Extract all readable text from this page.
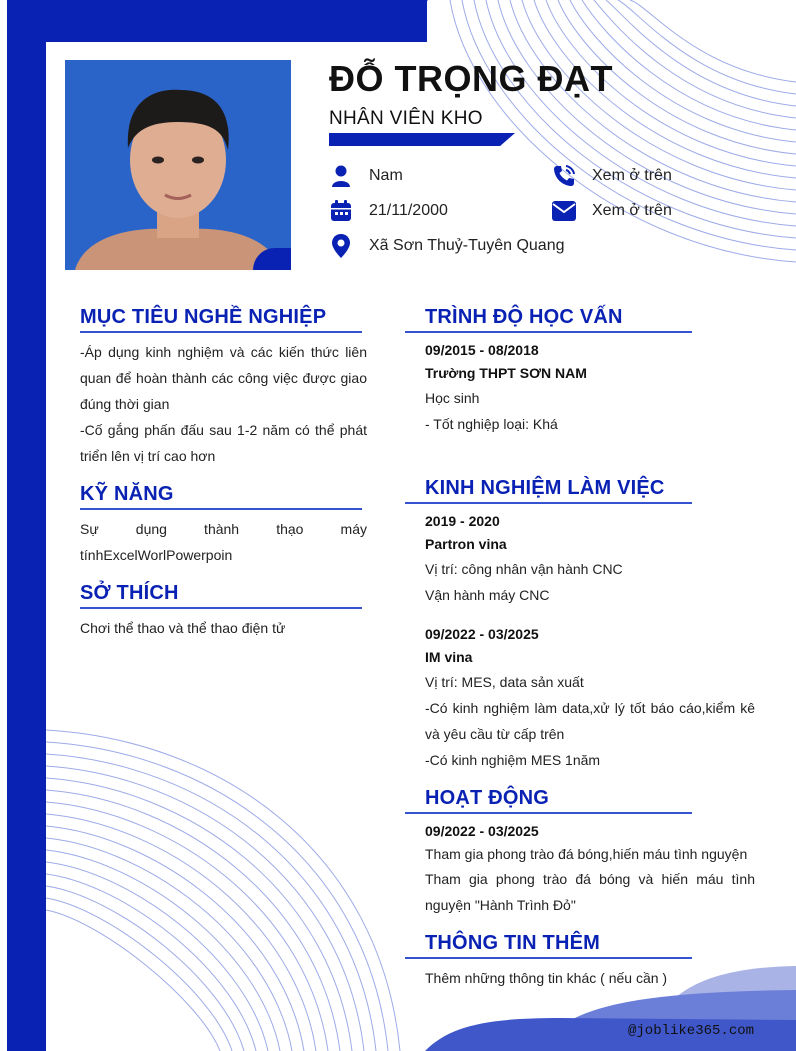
ĐỖ TRỌNG ĐẠT
NHÂN VIÊN KHO
Nam
21/11/2000
Xã Sơn Thuỷ-Tuyên Quang
Xem ở trên
Xem ở trên
MỤC TIÊU NGHỀ NGHIỆP
-Áp dụng kinh nghiệm và các kiến thức liên quan để hoàn thành các công việc được giao đúng thời gian
-Cố gắng phấn đấu sau 1-2 năm có thể phát triển lên vị trí cao hơn
KỸ NĂNG
Sự dụng thành thạo máy tínhExcelWorlPowerpoin
SỞ THÍCH
Chơi thể thao và thể thao điện tử
TRÌNH ĐỘ HỌC VẤN
09/2015 - 08/2018
Trường THPT SƠN NAM
Học sinh
- Tốt nghiệp loại: Khá
KINH NGHIỆM LÀM VIỆC
2019 - 2020
Partron vina
Vị trí: công nhân vận hành CNC
Vận hành máy CNC
09/2022 - 03/2025
IM vina
Vị trí: MES, data sản xuất
-Có kinh nghiệm làm data,xử lý tốt báo cáo,kiểm kê và yêu cầu từ cấp trên
-Có kinh nghiệm MES 1năm
HOẠT ĐỘNG
09/2022 - 03/2025
Tham gia phong trào đá bóng,hiến máu tình nguyện
Tham gia phong trào đá bóng và hiến máu tình nguyện "Hành Trình Đỏ"
THÔNG TIN THÊM
Thêm những thông tin khác ( nếu cần )
@joblike365.com
